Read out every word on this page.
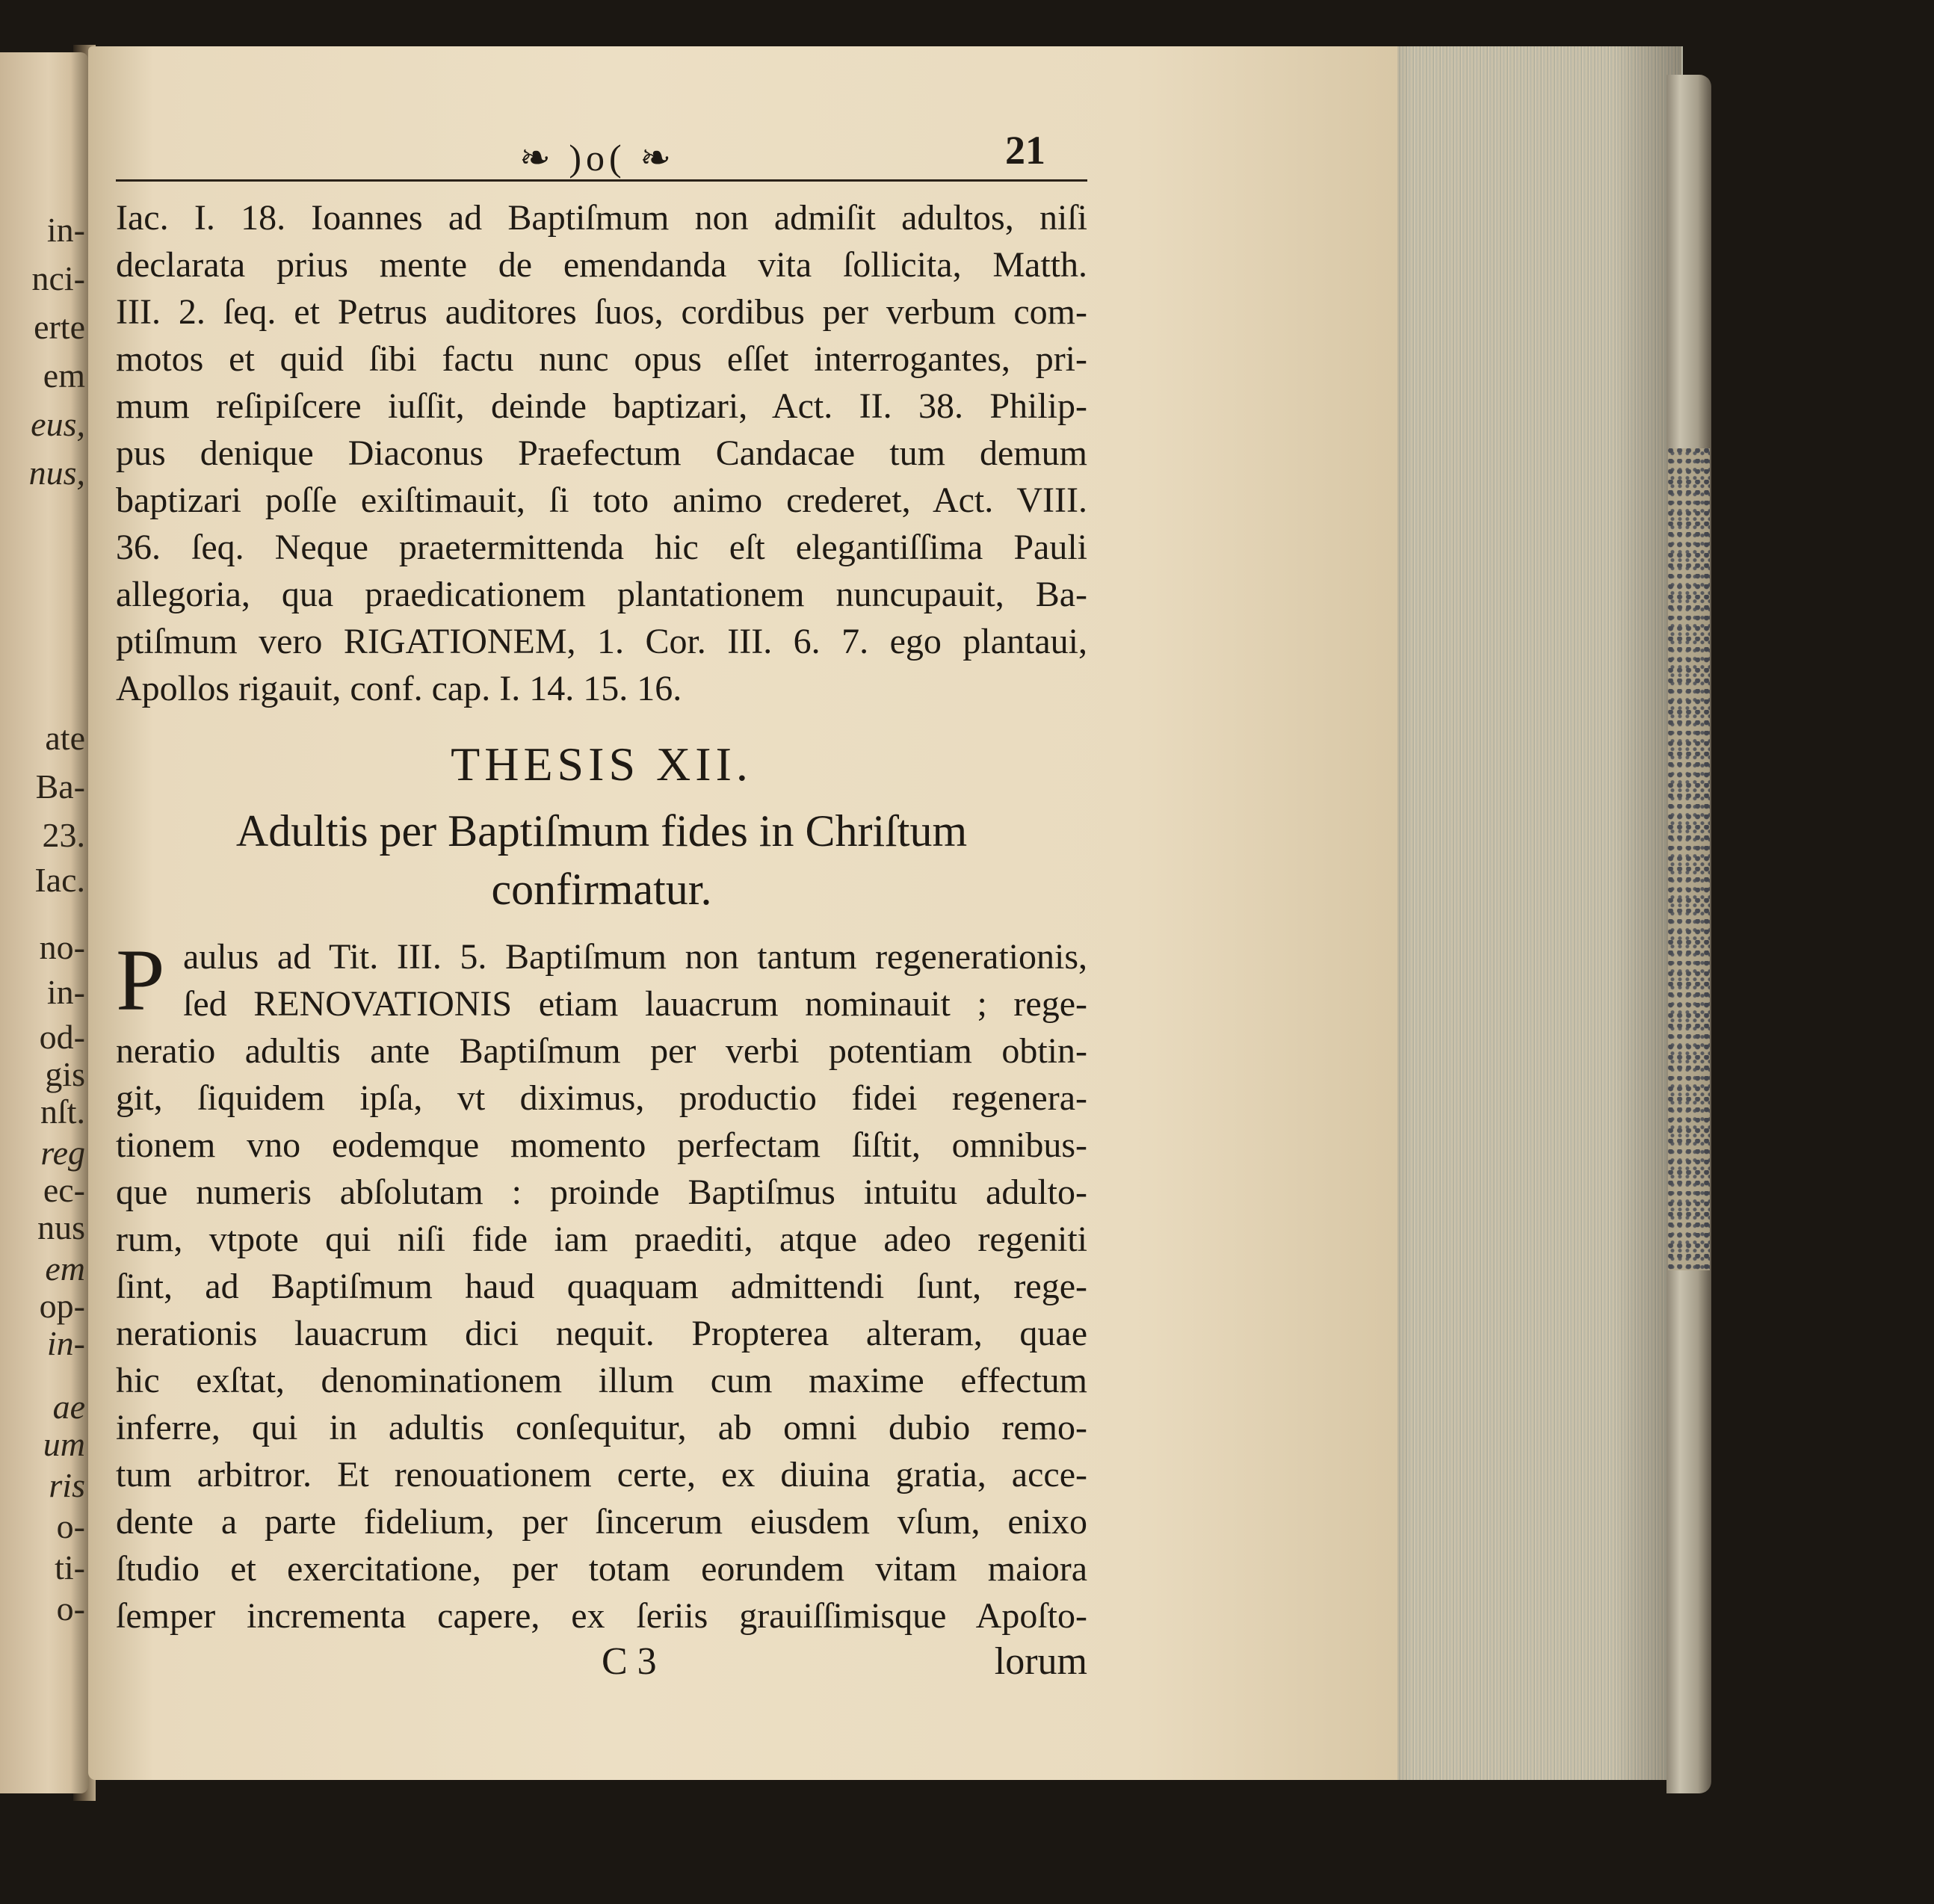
in-
nci-
erte
em
eus,
nus,
ate
Ba-
23.
Iac.
no-
in-
od-
gis
nſt.
reg
ec-
nus
em
op-
in-
ae
um
ris
o-
ti-
o-
❧ )o( ❧	21
Iac. I. 18. Ioannes ad Baptiſmum non admiſit adultos, niſi
declarata prius mente de emendanda vita ſollicita, Matth.
III. 2. ſeq. et Petrus auditores ſuos, cordibus per verbum com-
motos et quid ſibi factu nunc opus eſſet interrogantes, pri-
mum reſipiſcere iuſſit, deinde baptizari, Act. II. 38. Philip-
pus denique Diaconus Praefectum Candacae tum demum
baptizari poſſe exiſtimauit, ſi toto animo crederet, Act. VIII.
36. ſeq. Neque praetermittenda hic eſt elegantiſſima Pauli
allegoria, qua praedicationem plantationem nuncupauit, Ba-
ptiſmum vero RIGATIONEM, 1. Cor. III. 6. 7. ego plantaui,
Apollos rigauit, conf. cap. I. 14. 15. 16.
THESIS XII.
Adultis per Baptiſmum fides in Chriſtum
confirmatur.
P aulus ad Tit. III. 5. Baptiſmum non tantum regenerationis,
ſed RENOVATIONIS etiam lauacrum nominauit ; rege-
neratio adultis ante Baptiſmum per verbi potentiam obtin-
git, ſiquidem ipſa, vt diximus, productio fidei regenera-
tionem vno eodemque momento perfectam ſiſtit, omnibus-
que numeris abſolutam : proinde Baptiſmus intuitu adulto-
rum, vtpote qui niſi fide iam praediti, atque adeo regeniti
ſint, ad Baptiſmum haud quaquam admittendi ſunt, rege-
nerationis lauacrum dici nequit. Propterea alteram, quae
hic exſtat, denominationem illum cum maxime effectum
inferre, qui in adultis conſequitur, ab omni dubio remo-
tum arbitror. Et renouationem certe, ex diuina gratia, acce-
dente a parte fidelium, per ſincerum eiusdem vſum, enixo
ſtudio et exercitatione, per totam eorundem vitam maiora
ſemper incrementa capere, ex ſeriis grauiſſimisque Apoſto-
C 3	lorum
